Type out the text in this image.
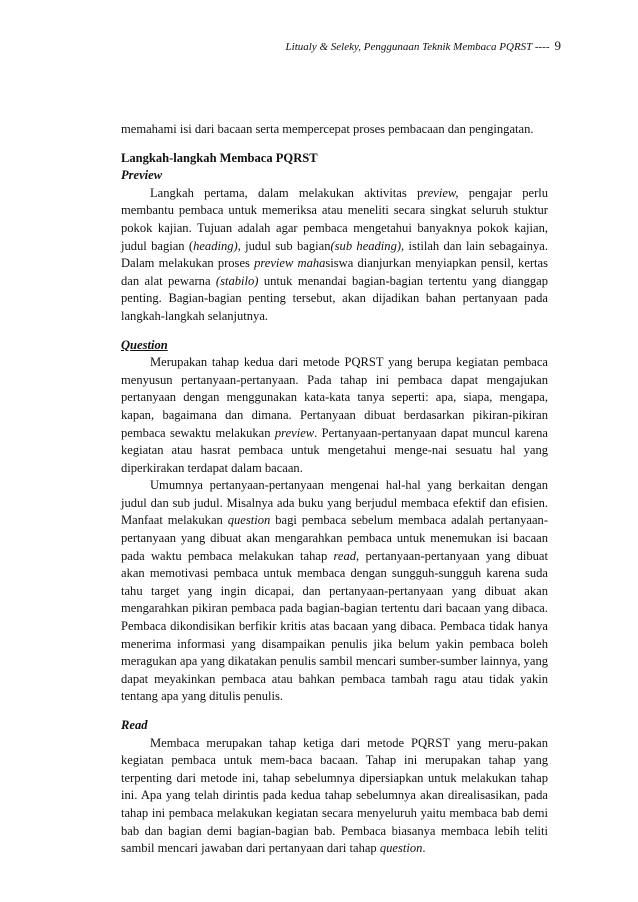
Litualy & Seleky, Penggunaan Teknik Membaca PQRST ---- 9

memahami isi dari bacaan serta mempercepat proses pembacaan dan pengingatan.

Langkah-langkah Membaca PQRST

Preview

Langkah pertama, dalam melakukan aktivitas preview, pengajar perlu membantu pembaca untuk memeriksa atau meneliti secara singkat seluruh stuktur pokok kajian. Tujuan adalah agar pembaca mengetahui banyaknya pokok kajian, judul bagian (heading), judul sub bagian(sub heading), istilah dan lain sebagainya. Dalam melakukan proses preview mahasiswa dianjurkan menyiapkan pensil, kertas dan alat pewarna (stabilo) untuk menandai bagian-bagian tertentu yang dianggap penting. Bagian-bagian penting tersebut, akan dijadikan bahan pertanyaan pada langkah-langkah selanjutnya.

Question

Merupakan tahap kedua dari metode PQRST yang berupa kegiatan pembaca menyusun pertanyaan-pertanyaan. Pada tahap ini pembaca dapat mengajukan pertanyaan dengan menggunakan kata-kata tanya seperti: apa, siapa, mengapa, kapan, bagaimana dan dimana. Pertanyaan dibuat berdasarkan pikiran-pikiran pembaca sewaktu melakukan preview. Pertanyaan-pertanyaan dapat muncul karena kegiatan atau hasrat pembaca untuk mengetahui menge-nai sesuatu hal yang diperkirakan terdapat dalam bacaan.

Umumnya pertanyaan-pertanyaan mengenai hal-hal yang berkaitan dengan judul dan sub judul. Misalnya ada buku yang berjudul membaca efektif dan efisien. Manfaat melakukan question bagi pembaca sebelum membaca adalah pertanyaan-pertanyaan yang dibuat akan mengarahkan pembaca untuk menemukan isi bacaan pada waktu pembaca melakukan tahap read, pertanyaan-pertanyaan yang dibuat akan memotivasi pembaca untuk membaca dengan sungguh-sungguh karena suda tahu target yang ingin dicapai, dan pertanyaan-pertanyaan yang dibuat akan mengarahkan pikiran pembaca pada bagian-bagian tertentu dari bacaan yang dibaca. Pembaca dikondisikan berfikir kritis atas bacaan yang dibaca. Pembaca tidak hanya menerima informasi yang disampaikan penulis jika belum yakin pembaca boleh meragukan apa yang dikatakan penulis sambil mencari sumber-sumber lainnya, yang dapat meyakinkan pembaca atau bahkan pembaca tambah ragu atau tidak yakin tentang apa yang ditulis penulis.

Read

Membaca merupakan tahap ketiga dari metode PQRST yang meru-pakan kegiatan pembaca untuk mem-baca bacaan. Tahap ini merupakan tahap yang terpenting dari metode ini, tahap sebelumnya dipersiapkan untuk melakukan tahap ini. Apa yang telah dirintis pada kedua tahap sebelumnya akan direalisasikan, pada tahap ini pembaca melakukan kegiatan secara menyeluruh yaitu membaca bab demi bab dan bagian demi bagian-bagian bab. Pembaca biasanya membaca lebih teliti sambil mencari jawaban dari pertanyaan dari tahap question.
